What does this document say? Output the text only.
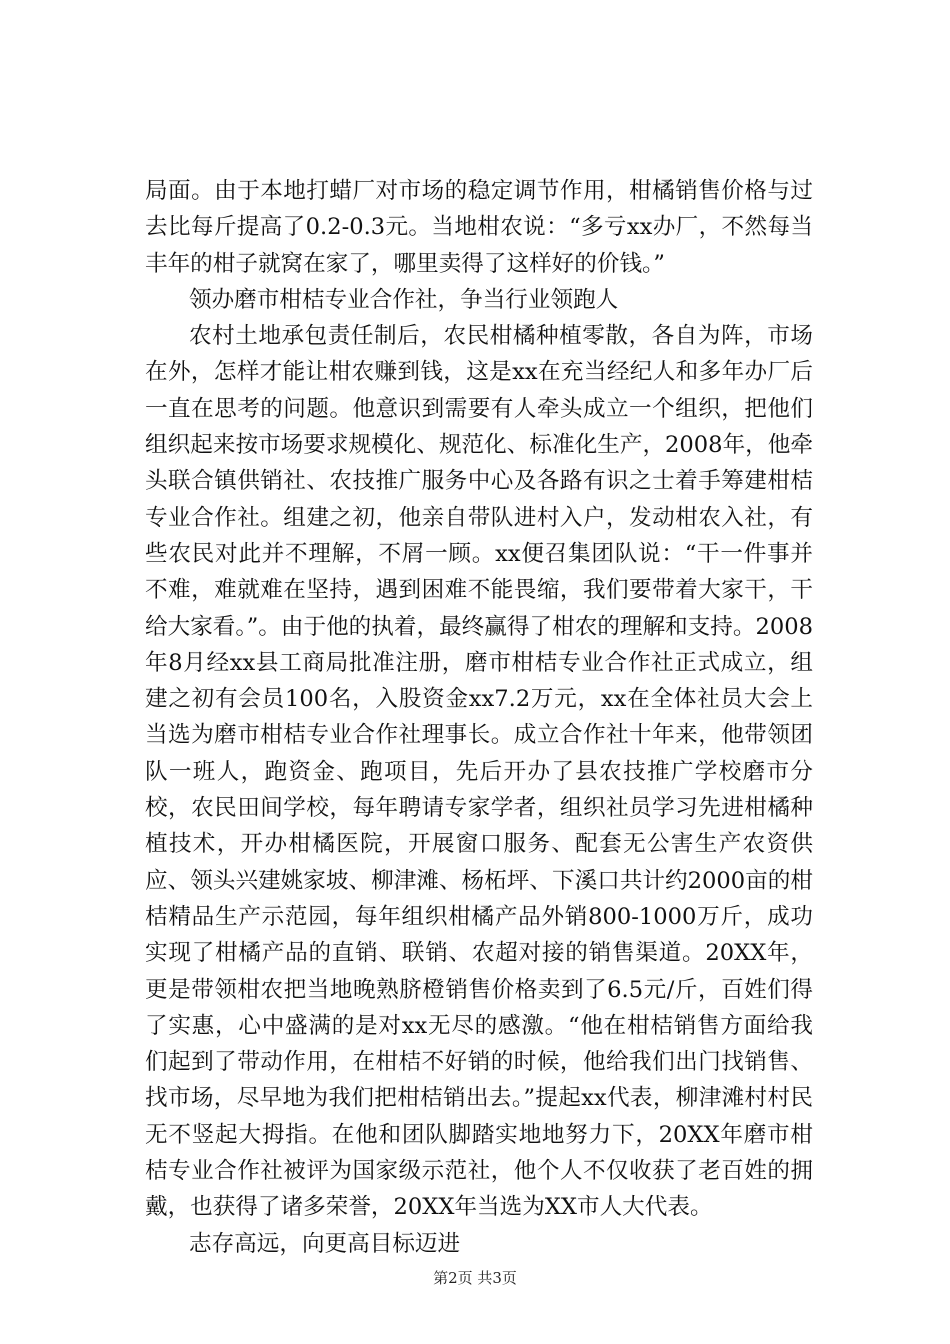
局面。由于本地打蜡厂对市场的稳定调节作用，柑橘销售价格与过去比每斤提高了0.2-0.3元。当地柑农说：“多亏xx办厂，不然每当丰年的柑子就窝在家了，哪里卖得了这样好的价钱。”

领办磨市柑桔专业合作社，争当行业领跑人

农村土地承包责任制后，农民柑橘种植零散，各自为阵，市场在外，怎样才能让柑农赚到钱，这是xx在充当经纪人和多年办厂后一直在思考的问题。他意识到需要有人牵头成立一个组织，把他们组织起来按市场要求规模化、规范化、标准化生产，2008年，他牵头联合镇供销社、农技推广服务中心及各路有识之士着手筹建柑桔专业合作社。组建之初，他亲自带队进村入户，发动柑农入社，有些农民对此并不理解，不屑一顾。xx便召集团队说：“干一件事并不难，难就难在坚持，遇到困难不能畏缩，我们要带着大家干，干给大家看。”。由于他的执着，最终赢得了柑农的理解和支持。2008年8月经xx县工商局批准注册，磨市柑桔专业合作社正式成立，组建之初有会员100名，入股资金xx7.2万元，xx在全体社员大会上当选为磨市柑桔专业合作社理事长。成立合作社十年来，他带领团队一班人，跑资金、跑项目，先后开办了县农技推广学校磨市分校，农民田间学校，每年聘请专家学者，组织社员学习先进柑橘种植技术，开办柑橘医院，开展窗口服务、配套无公害生产农资供应、领头兴建姚家坡、柳津滩、杨柘坪、下溪口共计约2000亩的柑桔精品生产示范园，每年组织柑橘产品外销800-1000万斤，成功实现了柑橘产品的直销、联销、农超对接的销售渠道。20XX年，更是带领柑农把当地晚熟脐橙销售价格卖到了6.5元/斤，百姓们得了实惠，心中盛满的是对xx无尽的感激。“他在柑桔销售方面给我们起到了带动作用，在柑桔不好销的时候，他给我们出门找销售、找市场，尽早地为我们把柑桔销出去。”提起xx代表，柳津滩村村民无不竖起大拇指。在他和团队脚踏实地地努力下，20XX年磨市柑桔专业合作社被评为国家级示范社，他个人不仅收获了老百姓的拥戴，也获得了诸多荣誉，20XX年当选为XX市人大代表。

志存高远，向更高目标迈进

第2页 共3页
